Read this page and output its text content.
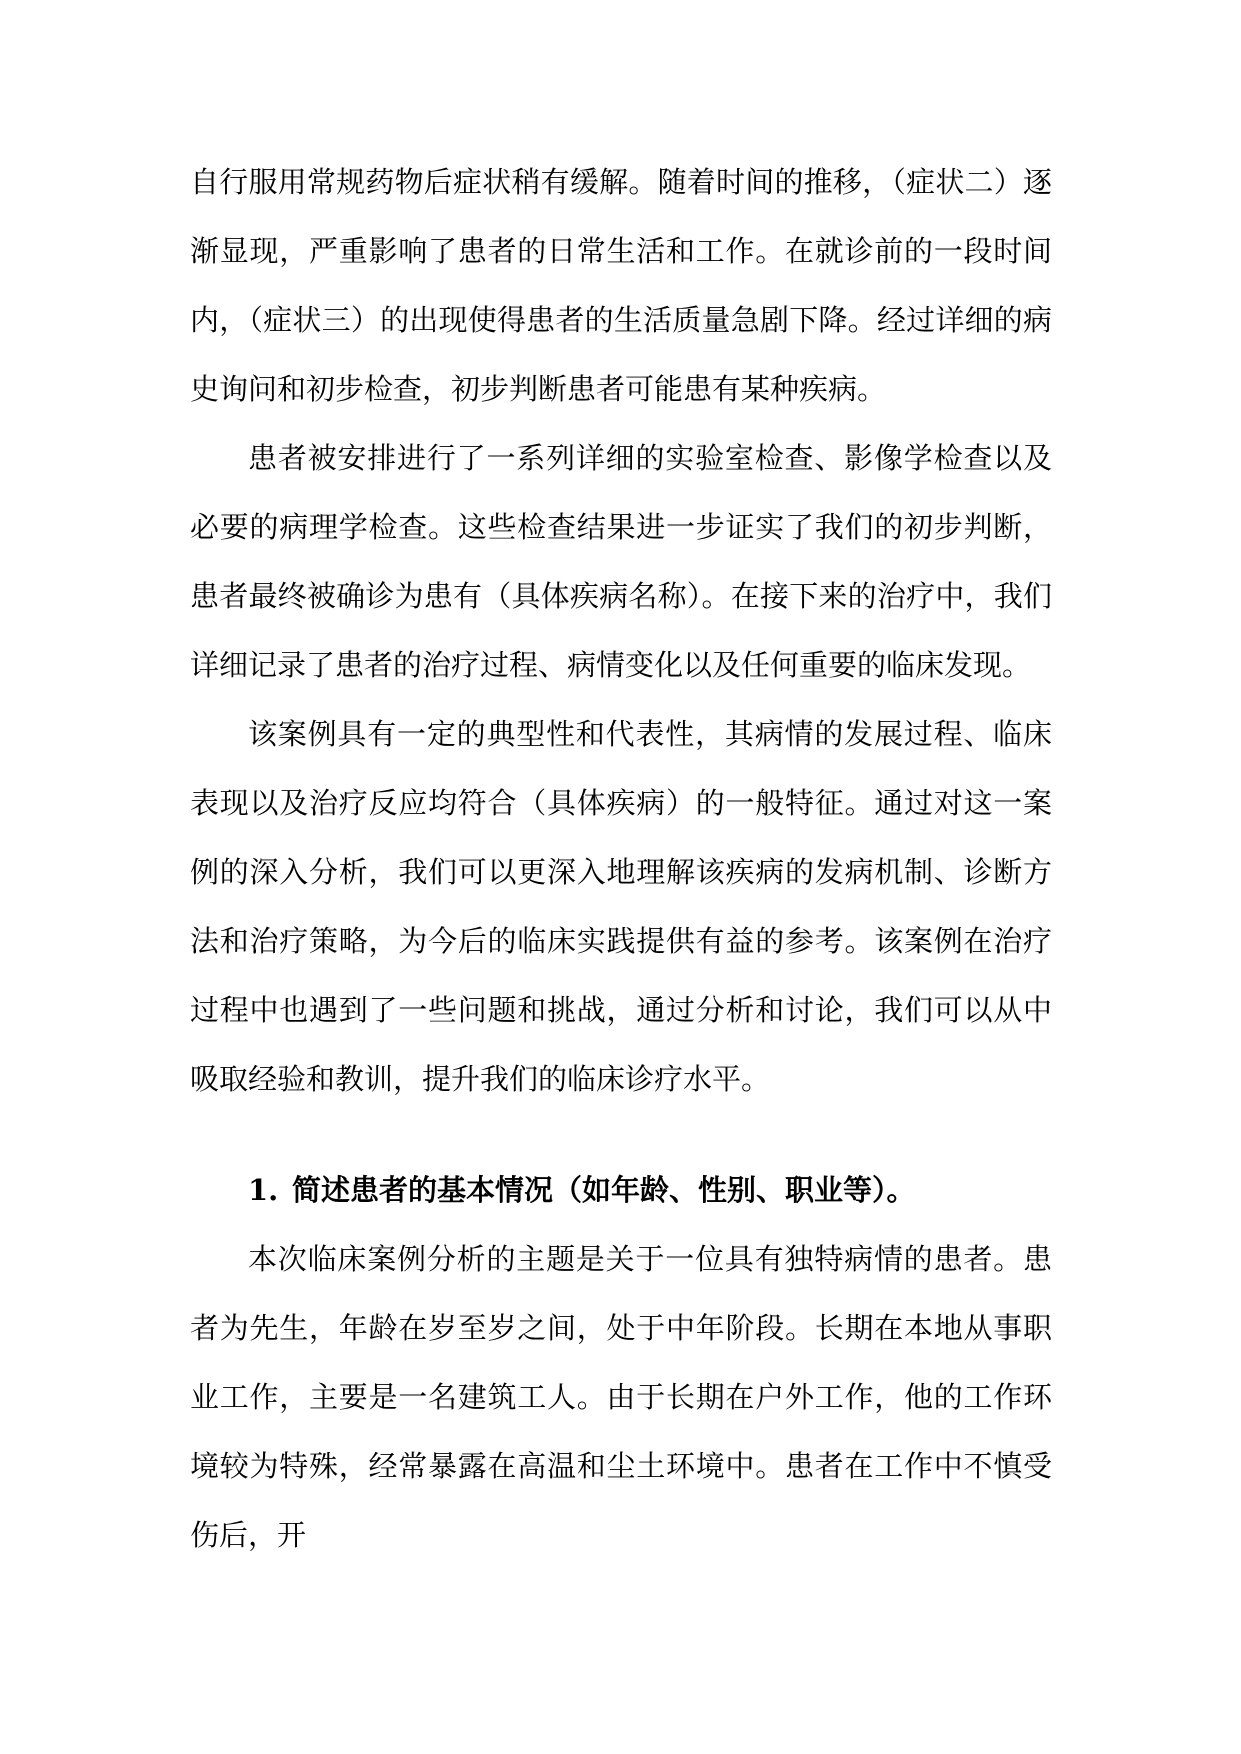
自行服用常规药物后症状稍有缓解。随着时间的推移，（症状二）逐渐显现，严重影响了患者的日常生活和工作。在就诊前的一段时间内，（症状三）的出现使得患者的生活质量急剧下降。经过详细的病史询问和初步检查，初步判断患者可能患有某种疾病。

患者被安排进行了一系列详细的实验室检查、影像学检查以及必要的病理学检查。这些检查结果进一步证实了我们的初步判断，患者最终被确诊为患有（具体疾病名称）。在接下来的治疗中，我们详细记录了患者的治疗过程、病情变化以及任何重要的临床发现。

该案例具有一定的典型性和代表性，其病情的发展过程、临床表现以及治疗反应均符合（具体疾病）的一般特征。通过对这一案例的深入分析，我们可以更深入地理解该疾病的发病机制、诊断方法和治疗策略，为今后的临床实践提供有益的参考。该案例在治疗过程中也遇到了一些问题和挑战，通过分析和讨论，我们可以从中吸取经验和教训，提升我们的临床诊疗水平。

1. 简述患者的基本情况（如年龄、性别、职业等）。

本次临床案例分析的主题是关于一位具有独特病情的患者。患者为先生，年龄在岁至岁之间，处于中年阶段。长期在本地从事职业工作，主要是一名建筑工人。由于长期在户外工作，他的工作环境较为特殊，经常暴露在高温和尘土环境中。患者在工作中不慎受伤后，开
